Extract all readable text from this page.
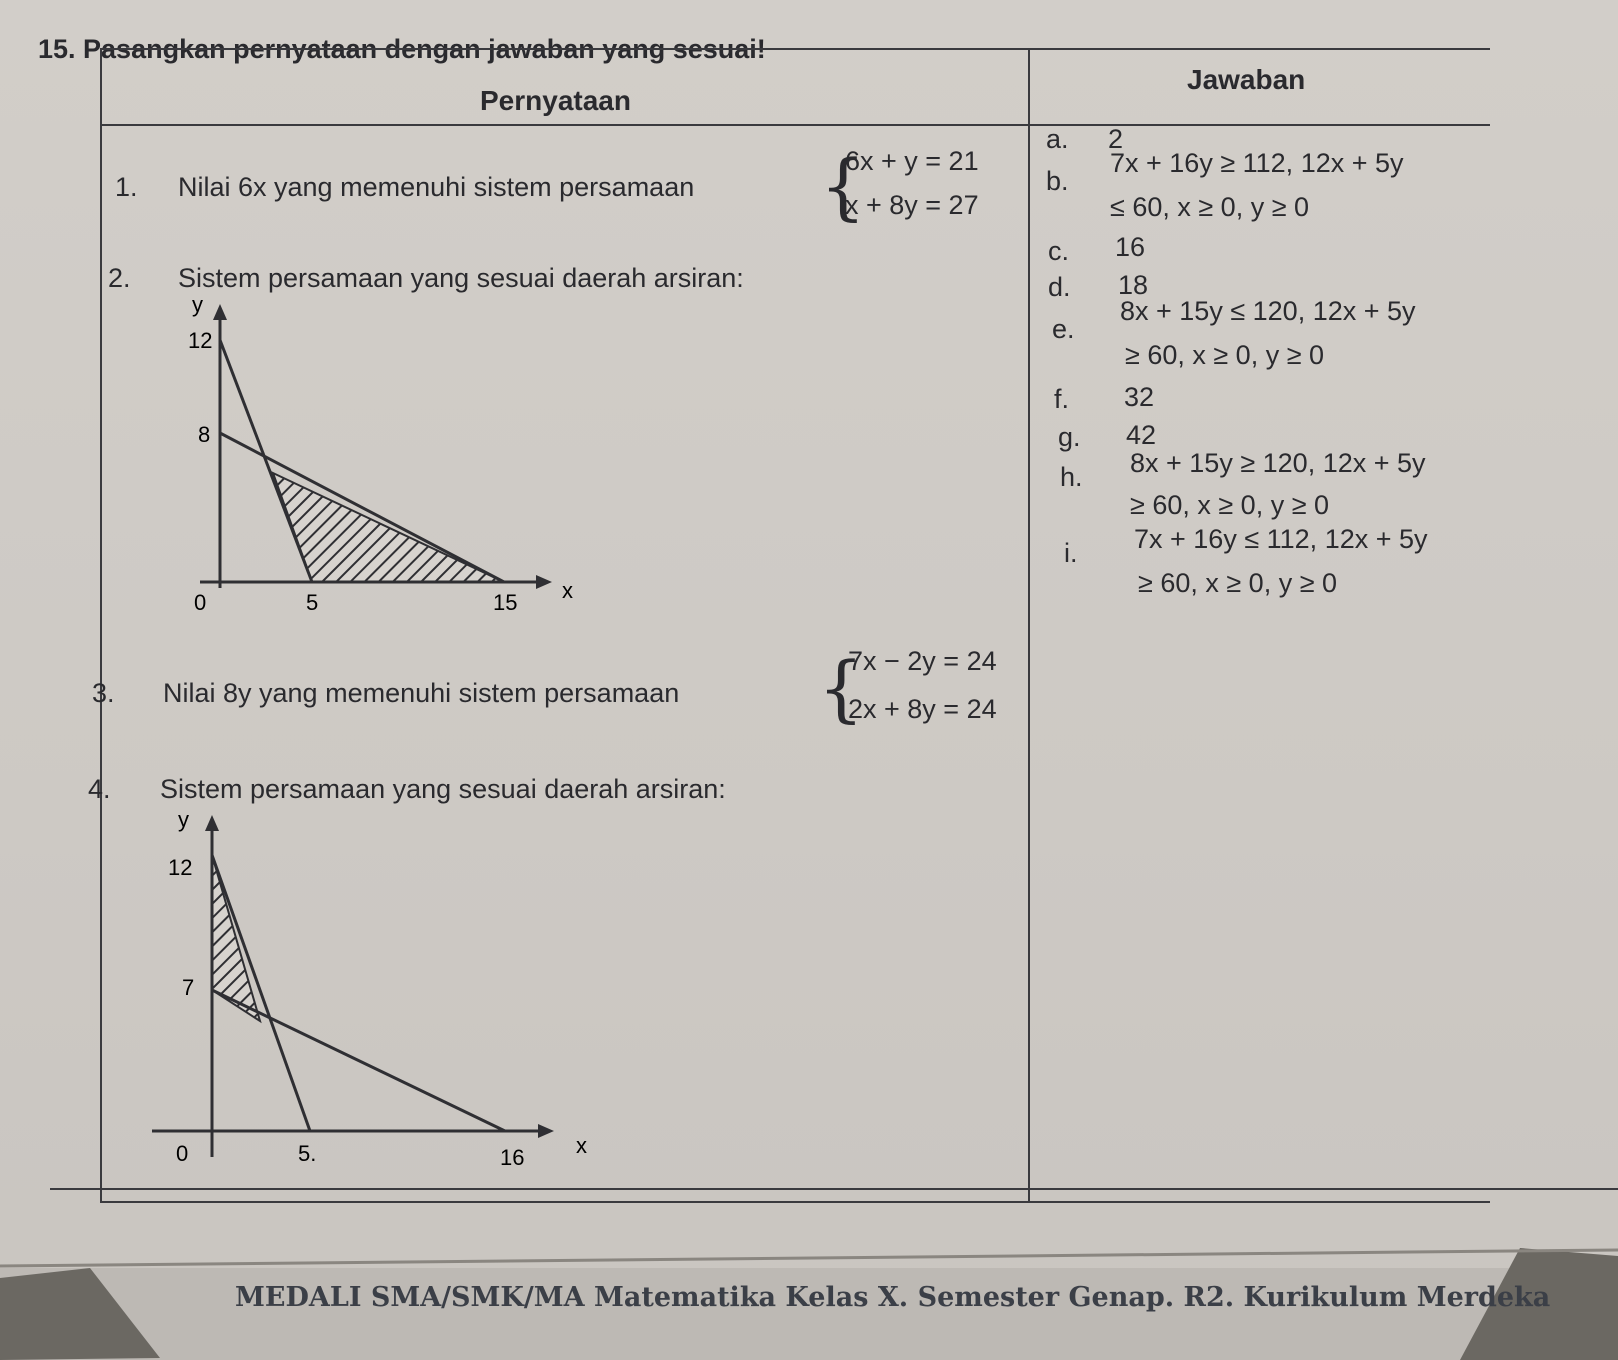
15. Pasangkan pernyataan dengan jawaban yang sesuai!
Pernyataan
Jawaban
1. Nilai 6x yang memenuhi sistem persamaan {
6x + y = 21
x + 8y = 27
2. Sistem persamaan yang sesuai daerah arsiran:
y
12
8
0	5	15 x
3. Nilai 8y yang memenuhi sistem persamaan {
7x − 2y = 24
2x + 8y = 24
4. Sistem persamaan yang sesuai daerah arsiran:
y
12
7
0	5.	16 x
a. 2
b.
7x + 16y ≥ 112, 12x + 5y
≤ 60, x ≥ 0, y ≥ 0
c. 16
d. 18
e.
8x + 15y ≤ 120, 12x + 5y
≥ 60, x ≥ 0, y ≥ 0
f. 32
g. 42
h. 8x + 15y ≥ 120, 12x + 5y
≥ 60, x ≥ 0, y ≥ 0
i. 7x + 16y ≤ 112, 12x + 5y
≥ 60, x ≥ 0, y ≥ 0
MEDALI SMA/SMK/MA Matematika Kelas X. Semester Genap. R2. Kurikulum Merdeka
